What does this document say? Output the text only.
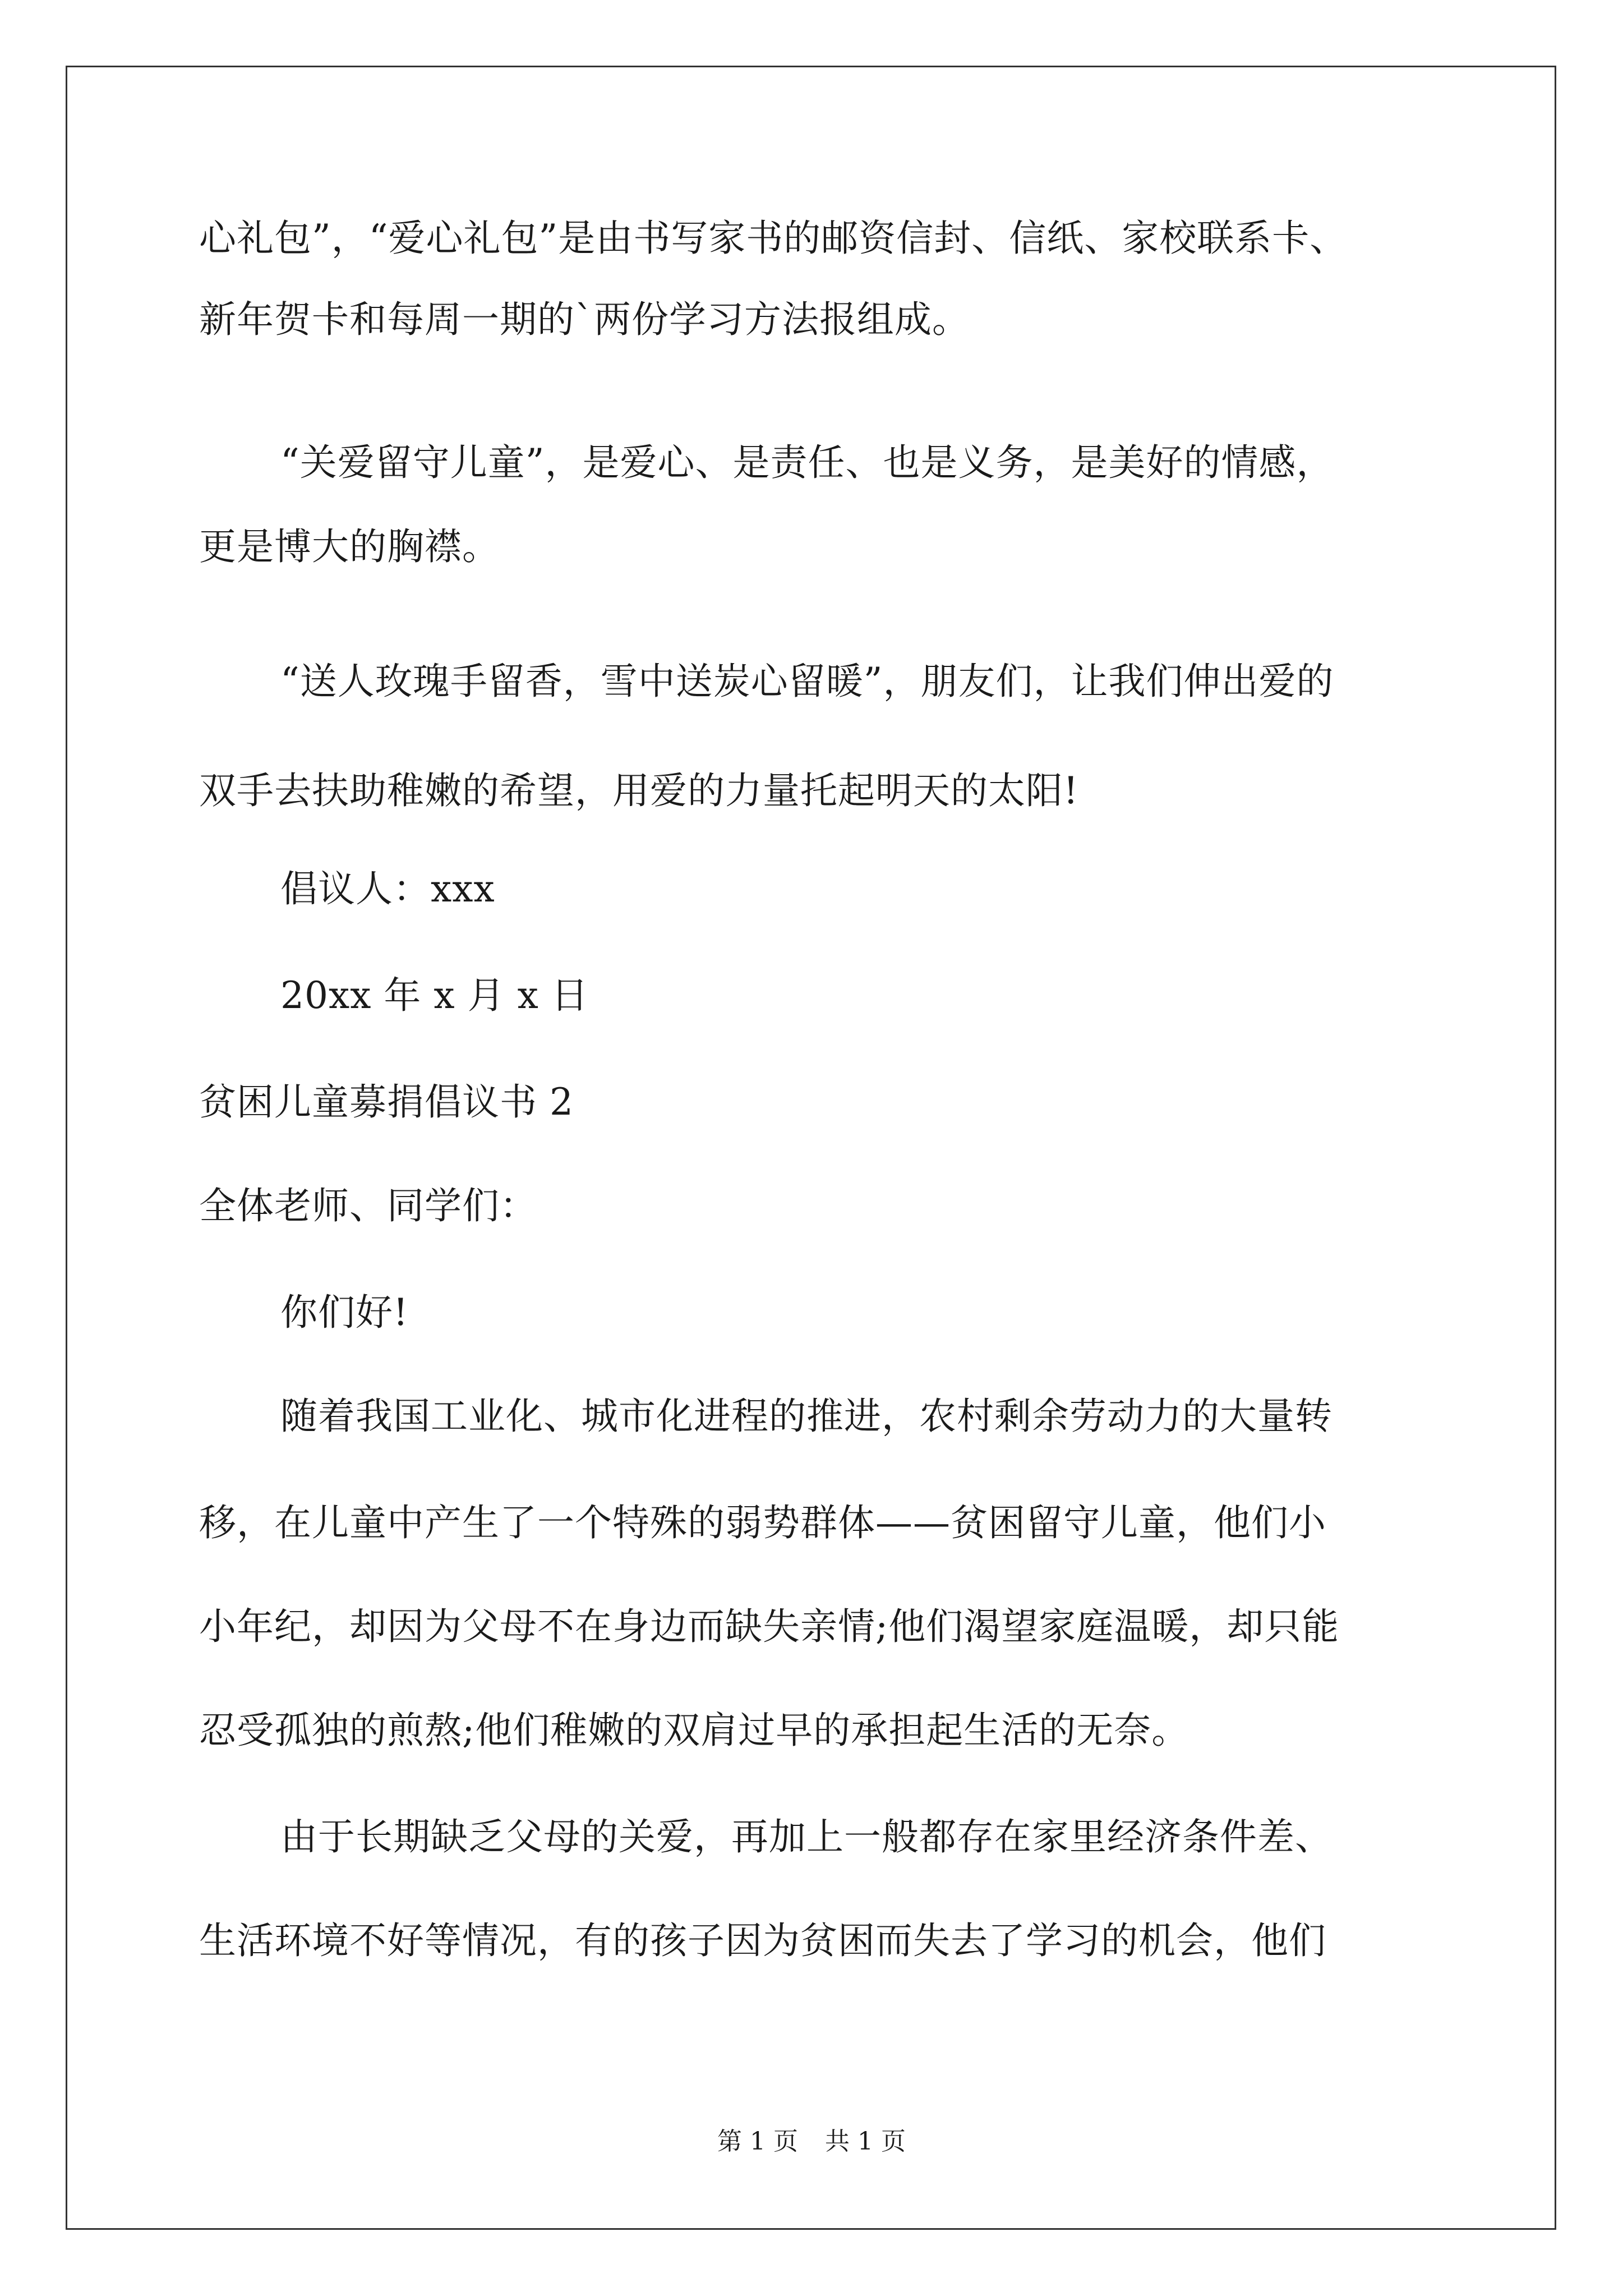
心礼包”，“爱心礼包”是由书写家书的邮资信封、信纸、家校联系卡、
新年贺卡和每周一期的`两份学习方法报组成。
“关爱留守儿童”，是爱心、是责任、也是义务，是美好的情感，
更是博大的胸襟。
“送人玫瑰手留香，雪中送炭心留暖”，朋友们，让我们伸出爱的
双手去扶助稚嫩的希望，用爱的力量托起明天的太阳!
倡议人：xxx
20xx 年 x 月 x 日
贫困儿童募捐倡议书 2
全体老师、同学们：
你们好!
随着我国工业化、城市化进程的推进，农村剩余劳动力的大量转
移，在儿童中产生了一个特殊的弱势群体——贫困留守儿童，他们小
小年纪，却因为父母不在身边而缺失亲情;他们渴望家庭温暖，却只能
忍受孤独的煎熬;他们稚嫩的双肩过早的承担起生活的无奈。
由于长期缺乏父母的关爱，再加上一般都存在家里经济条件差、
生活环境不好等情况，有的孩子因为贫困而失去了学习的机会，他们
第 1 页 共 1 页
